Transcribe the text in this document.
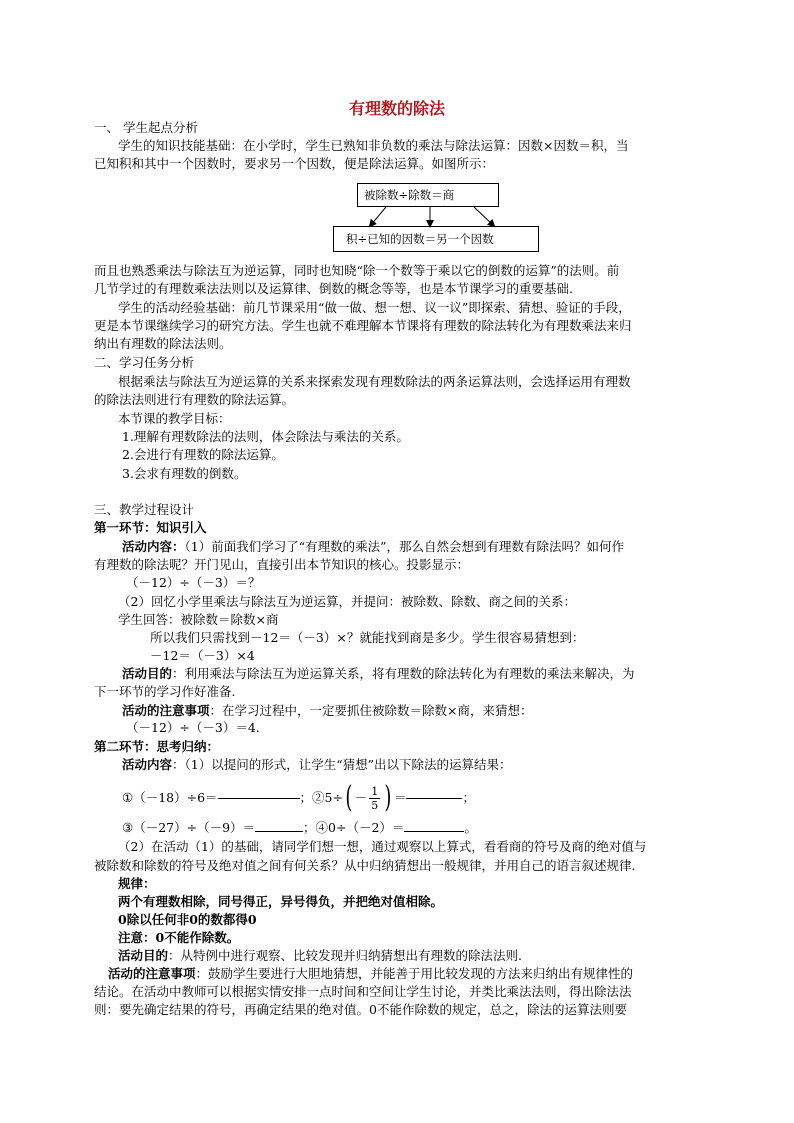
有理数的除法
一、 学生起点分析
学生的知识技能基础：在小学时，学生已熟知非负数的乘法与除法运算：因数×因数＝积，当
已知积和其中一个因数时，要求另一个因数，便是除法运算。如图所示：
被除数÷除数＝商
积÷已知的因数＝另一个因数
而且也熟悉乘法与除法互为逆运算，同时也知晓“除一个数等于乘以它的倒数的运算”的法则。前
几节学过的有理数乘法法则以及运算律、倒数的概念等等，也是本节课学习的重要基础.
学生的活动经验基础：前几节课采用“做一做、想一想、议一议”即探索、猜想、验证的手段，
更是本节课继续学习的研究方法。学生也就不难理解本节课将有理数的除法转化为有理数乘法来归
纳出有理数的除法法则。
二、学习任务分析
根据乘法与除法互为逆运算的关系来探索发现有理数除法的两条运算法则，会选择运用有理数
的除法法则进行有理数的除法运算。
本节课的教学目标：
1.理解有理数除法的法则，体会除法与乘法的关系。
2.会进行有理数的除法运算。
3.会求有理数的倒数。
三、教学过程设计
第一环节：知识引入
活动内容：（1）前面我们学习了“有理数的乘法”，那么自然会想到有理数有除法吗？如何作
有理数的除法呢？开门见山，直接引出本节知识的核心。投影显示：
（－12）÷（－3）＝？
（2）回忆小学里乘法与除法互为逆运算，并提问：被除数、除数、商之间的关系：
学生回答：被除数＝除数×商
所以我们只需找到－12＝（－3）×？就能找到商是多少。学生很容易猜想到：
－12＝（－3）×4
活动目的：利用乘法与除法互为逆运算关系，将有理数的除法转化为有理数的乘法来解决，为
下一环节的学习作好准备.
活动的注意事项：在学习过程中，一定要抓住被除数＝除数×商，来猜想：
（－12）÷（－3）＝4.
第二环节：思考归纳：
活动内容：（1）以提问的形式，让学生“猜想”出以下除法的运算结果：
①（－18）÷6＝	；②5÷ ( － $\frac{1}{5}$ ) ＝	；
③（－27）÷（－9）＝	；④0÷（－2）＝	。
（2）在活动（1）的基础，请同学们想一想，通过观察以上算式，看看商的符号及商的绝对值与
被除数和除数的符号及绝对值之间有何关系？从中归纳猜想出一般规律，并用自己的语言叙述规律.
规律：
两个有理数相除，同号得正，异号得负，并把绝对值相除。
0除以任何非0的数都得0
注意：0不能作除数。
活动目的：从特例中进行观察、比较发现并归纳猜想出有理数的除法法则.
活动的注意事项：鼓励学生要进行大胆地猜想，并能善于用比较发现的方法来归纳出有规律性的
结论。在活动中教师可以根据实情安排一点时间和空间让学生讨论，并类比乘法法则，得出除法法
则：要先确定结果的符号，再确定结果的绝对值。0不能作除数的规定，总之，除法的运算法则要
